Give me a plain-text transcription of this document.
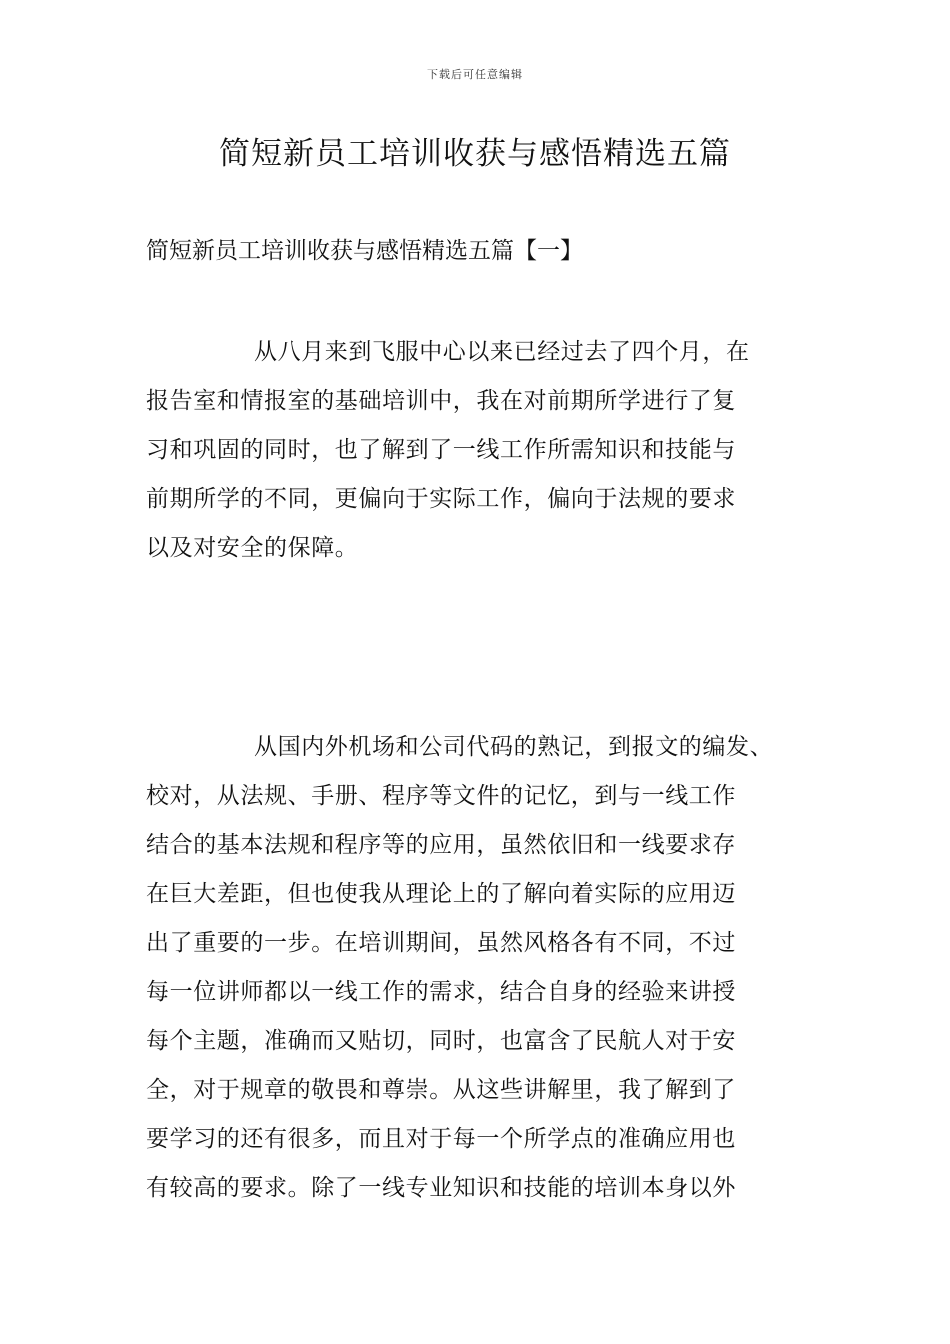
下载后可任意编辑
简短新员工培训收获与感悟精选五篇
简短新员工培训收获与感悟精选五篇【一】
从八月来到飞服中心以来已经过去了四个月，在
报告室和情报室的基础培训中，我在对前期所学进行了复
习和巩固的同时，也了解到了一线工作所需知识和技能与
前期所学的不同，更偏向于实际工作，偏向于法规的要求
以及对安全的保障。
从国内外机场和公司代码的熟记，到报文的编发、
校对，从法规、手册、程序等文件的记忆，到与一线工作
结合的基本法规和程序等的应用，虽然依旧和一线要求存
在巨大差距，但也使我从理论上的了解向着实际的应用迈
出了重要的一步。在培训期间，虽然风格各有不同，不过
每一位讲师都以一线工作的需求，结合自身的经验来讲授
每个主题，准确而又贴切，同时，也富含了民航人对于安
全，对于规章的敬畏和尊崇。从这些讲解里，我了解到了
要学习的还有很多，而且对于每一个所学点的准确应用也
有较高的要求。除了一线专业知识和技能的培训本身以外
